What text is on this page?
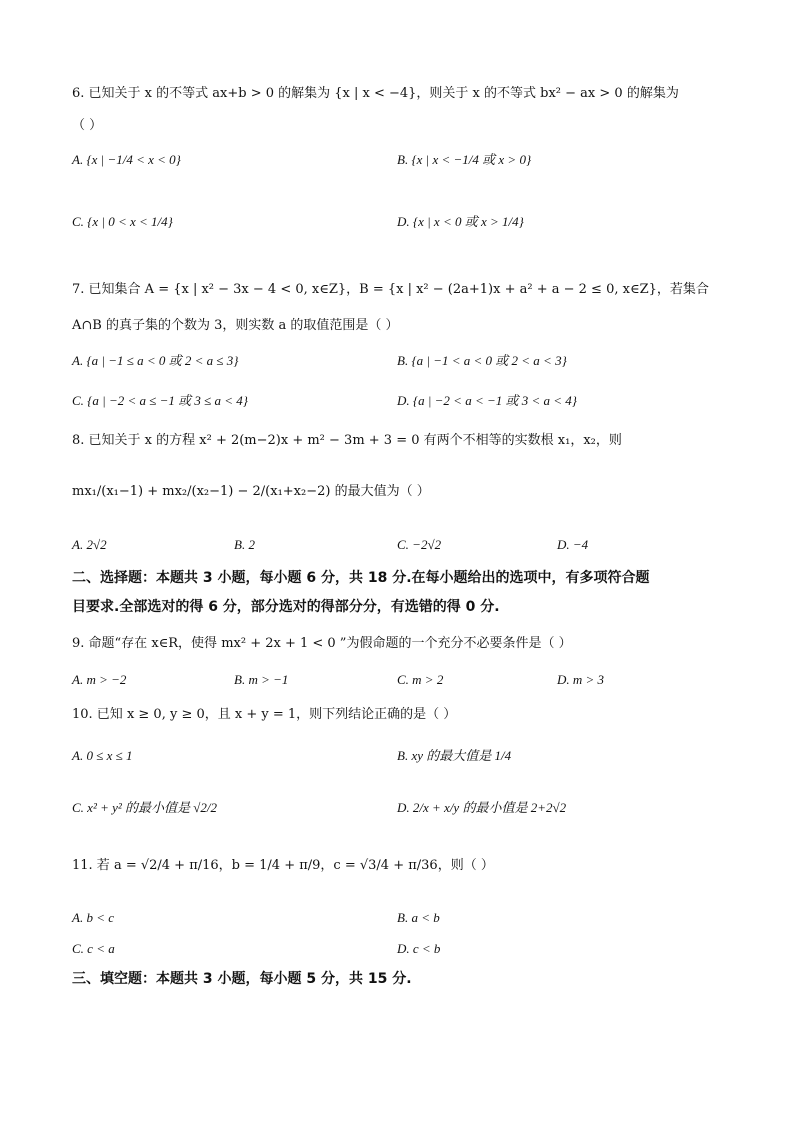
6. 已知关于 x 的不等式 ax+b > 0 的解集为 {x | x < −4}，则关于 x 的不等式 bx² − ax > 0 的解集为
（ ）
A. {x | −1/4 < x < 0}	B. {x | x < −1/4 或 x > 0}
C. {x | 0 < x < 1/4}	D. {x | x < 0 或 x > 1/4}
7. 已知集合 A = {x | x² − 3x − 4 < 0, x∈Z}，B = {x | x² − (2a+1)x + a² + a − 2 ≤ 0, x∈Z}，若集合
A∩B 的真子集的个数为 3，则实数 a 的取值范围是（ ）
A. {a | −1 ≤ a < 0 或 2 < a ≤ 3}	B. {a | −1 < a < 0 或 2 < a < 3}
C. {a | −2 < a ≤ −1 或 3 ≤ a < 4}	D. {a | −2 < a < −1 或 3 < a < 4}
8. 已知关于 x 的方程 x² + 2(m−2)x + m² − 3m + 3 = 0 有两个不相等的实数根 x₁，x₂，则
mx₁/(x₁−1) + mx₂/(x₂−1) − 2/(x₁+x₂−2) 的最大值为（ ）
A. 2√2	B. 2	C. −2√2	D. −4
二、选择题：本题共 3 小题，每小题 6 分，共 18 分.在每小题给出的选项中，有多项符合题
目要求.全部选对的得 6 分，部分选对的得部分分，有选错的得 0 分.
9. 命题“存在 x∈R，使得 mx² + 2x + 1 < 0 ”为假命题的一个充分不必要条件是（ ）
A. m > −2	B. m > −1	C. m > 2	D. m > 3
10. 已知 x ≥ 0, y ≥ 0，且 x + y = 1，则下列结论正确的是（ ）
A. 0 ≤ x ≤ 1	B. xy 的最大值是 1/4
C. x² + y² 的最小值是 √2/2	D. 2/x + x/y 的最小值是 2+2√2
11. 若 a = √2/4 + π/16，b = 1/4 + π/9，c = √3/4 + π/36，则（ ）
A. b < c	B. a < b
C. c < a	D. c < b
三、填空题：本题共 3 小题，每小题 5 分，共 15 分.
